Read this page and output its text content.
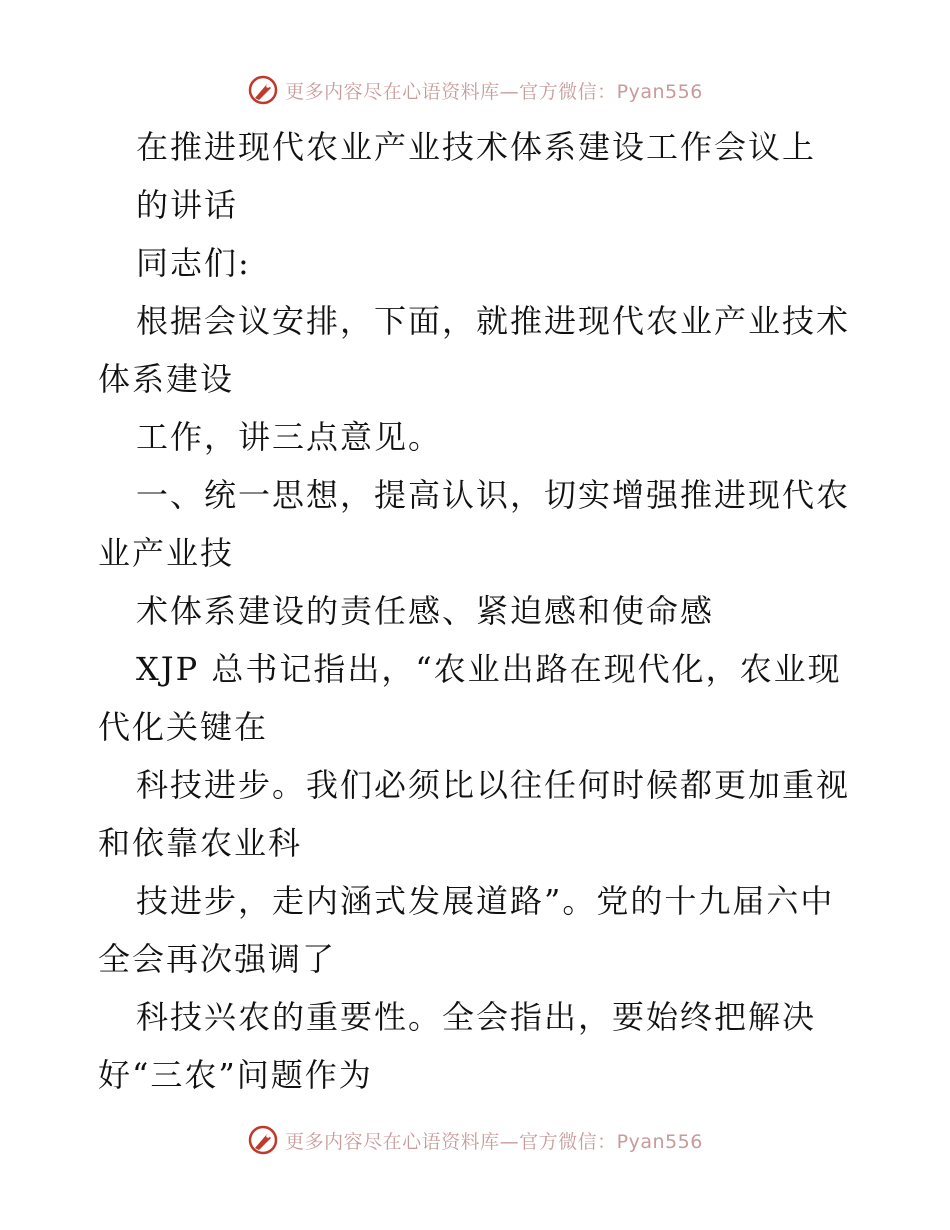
更多内容尽在心语资料库—官方微信：Pyan556
在推进现代农业产业技术体系建设工作会议上
的讲话
同志们:
根据会议安排，下面，就推进现代农业产业技术
体系建设
工作，讲三点意见。
一、统一思想，提高认识，切实增强推进现代农
业产业技
术体系建设的责任感、紧迫感和使命感
XJP 总书记指出，“农业出路在现代化，农业现
代化关键在
科技进步。我们必须比以往任何时候都更加重视
和依靠农业科
技进步，走内涵式发展道路”。党的十九届六中
全会再次强调了
科技兴农的重要性。全会指出，要始终把解决
好“三农”问题作为
更多内容尽在心语资料库—官方微信：Pyan556
